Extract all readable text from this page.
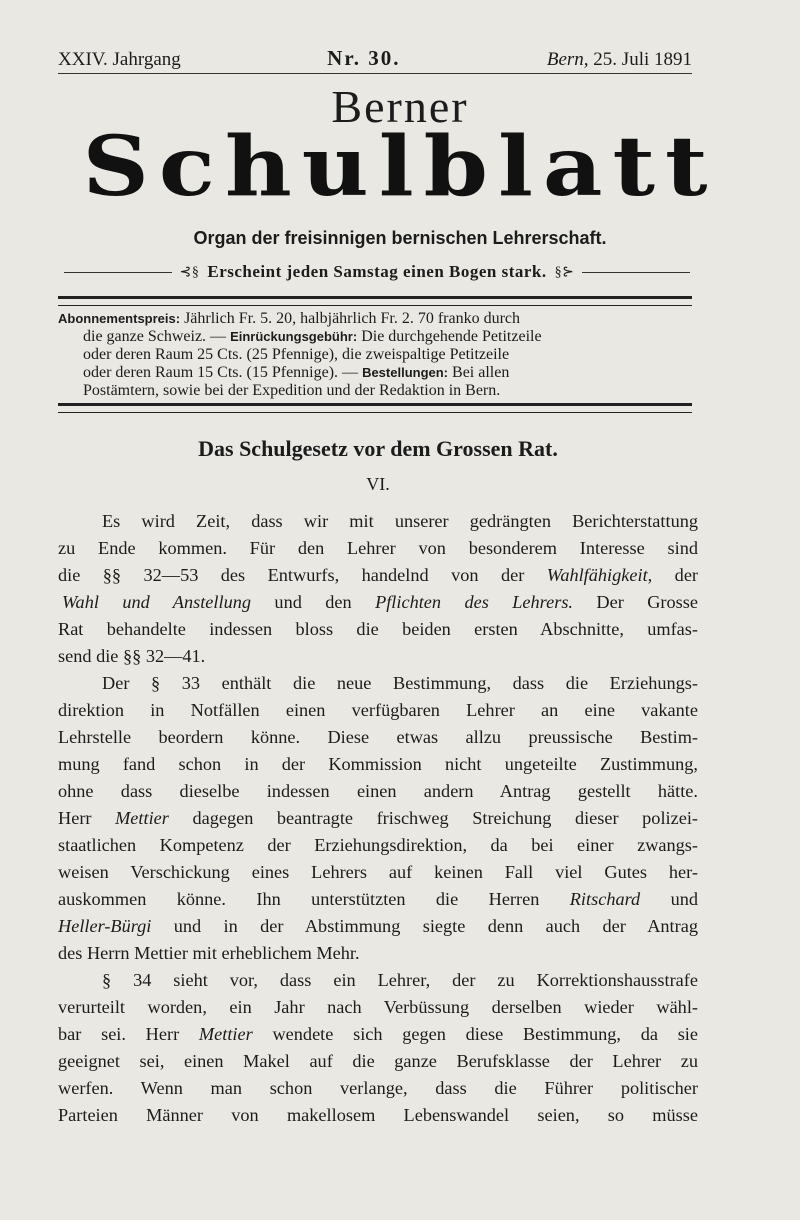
XXIV. Jahrgang	Nr. 30.	Bern, 25. Juli 1891
Berner
Schulblatt
Organ der freisinnigen bernischen Lehrerschaft.
⊰§ Erscheint jeden Samstag einen Bogen stark. §⊱
Abonnementspreis: Jährlich Fr. 5. 20, halbjährlich Fr. 2. 70 franko durch
die ganze Schweiz. — Einrückungsgebühr: Die durchgehende Petitzeile
oder deren Raum 25 Cts. (25 Pfennige), die zweispaltige Petitzeile
oder deren Raum 15 Cts. (15 Pfennige). — Bestellungen: Bei allen
Postämtern, sowie bei der Expedition und der Redaktion in Bern.
Das Schulgesetz vor dem Grossen Rat.
VI.
Es wird Zeit, dass wir mit unserer gedrängten Berichterstattung
zu Ende kommen. Für den Lehrer von besonderem Interesse sind
die §§ 32—53 des Entwurfs, handelnd von der Wahlfähigkeit, der
Wahl und Anstellung und den Pflichten des Lehrers. Der Grosse
Rat behandelte indessen bloss die beiden ersten Abschnitte, umfas-
send die §§ 32—41.
Der § 33 enthält die neue Bestimmung, dass die Erziehungs-
direktion in Notfällen einen verfügbaren Lehrer an eine vakante
Lehrstelle beordern könne. Diese etwas allzu preussische Bestim-
mung fand schon in der Kommission nicht ungeteilte Zustimmung,
ohne dass dieselbe indessen einen andern Antrag gestellt hätte.
Herr Mettier dagegen beantragte frischweg Streichung dieser polizei-
staatlichen Kompetenz der Erziehungsdirektion, da bei einer zwangs-
weisen Verschickung eines Lehrers auf keinen Fall viel Gutes her-
auskommen könne. Ihn unterstützten die Herren Ritschard und
Heller-Bürgi und in der Abstimmung siegte denn auch der Antrag
des Herrn Mettier mit erheblichem Mehr.
§ 34 sieht vor, dass ein Lehrer, der zu Korrektionshausstrafe
verurteilt worden, ein Jahr nach Verbüssung derselben wieder wähl-
bar sei. Herr Mettier wendete sich gegen diese Bestimmung, da sie
geeignet sei, einen Makel auf die ganze Berufsklasse der Lehrer zu
werfen. Wenn man schon verlange, dass die Führer politischer
Parteien Männer von makellosem Lebenswandel seien, so müsse
